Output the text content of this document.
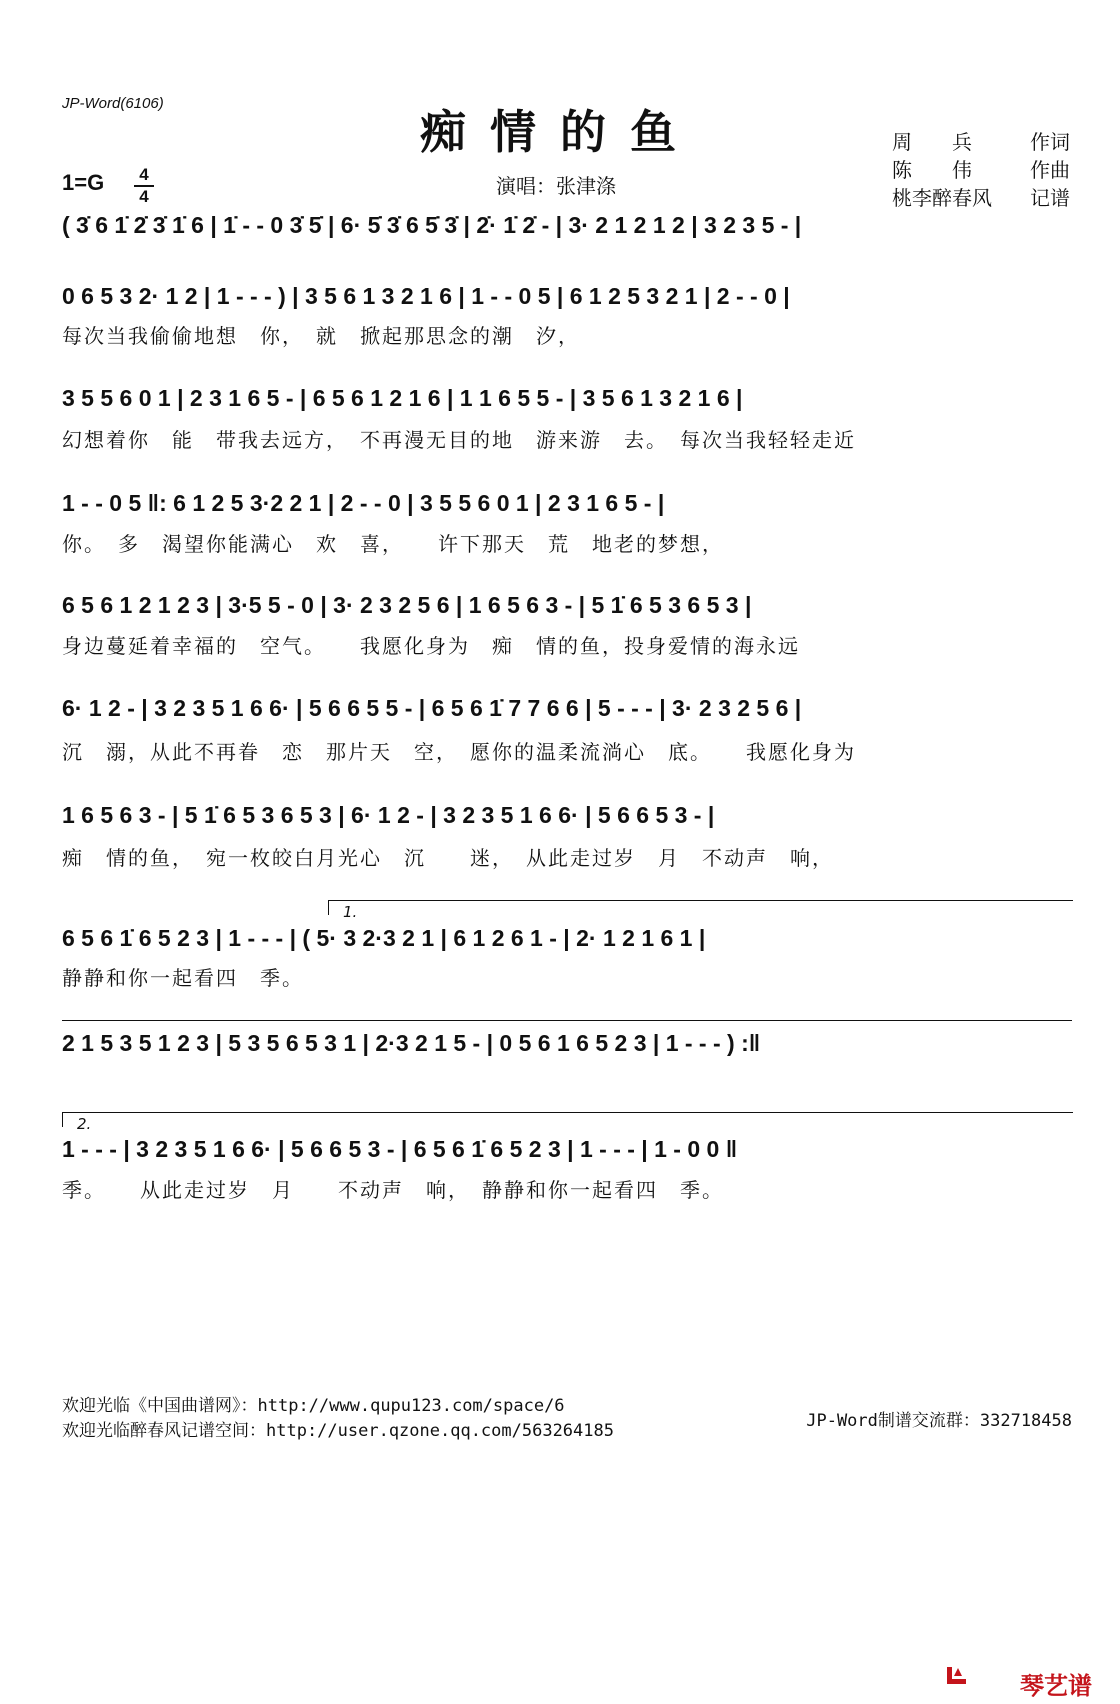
JP-Word(6106)
痴情的鱼
1=G	4
4	演唱：张津涤
周　　兵	作词
陈　　伟	作曲
桃李醉春风 记谱
( 3̇ 6 1̇ 2̇ 3̇ 1̇ 6 | 1̇ - - 0 3̇ 5̇ | 6· 5̇ 3̇ 6 5̇ 3̇ | 2̇· 1̇ 2̇ - | 3· 2 1 2 1 2 | 3 2 3 5 - |
0 6 5 3 2· 1 2 | 1 - - - ) | 3 5 6 1 3 2 1 6 | 1 - - 0 5 | 6 1 2 5 3 2 1 | 2 - - 0 |
每次当我偷偷地想　你，　就　掀起那思念的潮　汐，
3 5 5 6 0 1 | 2 3 1 6 5 - | 6 5 6 1 2 1 6 | 1 1 6 5 5 - | 3 5 6 1 3 2 1 6 |
幻想着你　能　带我去远方，　不再漫无目的地　游来游　去。　每次当我轻轻走近
1 - - 0 5 ‖: 6 1 2 5 3·2 2 1 | 2 - - 0 | 3 5 5 6 0 1 | 2 3 1 6 5 - |
你。　多　渴望你能满心　欢　喜，　　许下那天　荒　地老的梦想，
6 5 6 1 2 1 2 3 | 3·5 5 - 0 | 3· 2 3 2 5 6 | 1 6 5 6 3 - | 5 1̇ 6 5 3 6 5 3 |
身边蔓延着幸福的　空气。　　我愿化身为　痴　情的鱼，投身爱情的海永远
6· 1 2 - | 3 2 3 5 1 6 6· | 5 6 6 5 5 - | 6 5 6 1̇ 7 7 6 6 | 5 - - - | 3· 2 3 2 5 6 |
沉　溺，从此不再眷　恋　那片天　空，　愿你的温柔流淌心　底。　　我愿化身为
1 6 5 6 3 - | 5 1̇ 6 5 3 6 5 3 | 6· 1 2 - | 3 2 3 5 1 6 6· | 5 6 6 5 3 - |
痴　情的鱼，　宛一枚皎白月光心　沉　　迷，　从此走过岁　月　不动声　响，
1.
6 5 6 1̇ 6 5 2 3 | 1 - - - | ( 5· 3 2·3 2 1 | 6 1 2 6 1 - | 2· 1 2 1 6 1 |
静静和你一起看四　季。
2 1 5 3 5 1 2 3 | 5 3 5 6 5 3 1 | 2·3 2 1 5 - | 0 5 6 1 6 5 2 3 | 1 - - - ) :‖
2.
1 - - - | 3 2 3 5 1 6 6· | 5 6 6 5 3 - | 6 5 6 1̇ 6 5 2 3 | 1 - - - | 1 - 0 0 ‖
季。　　从此走过岁　月　　不动声　响，　静静和你一起看四　季。
欢迎光临《中国曲谱网》：http://www.qupu123.com/space/6
欢迎光临醉春风记谱空间：http://user.qzone.qq.com/563264185	JP-Word制谱交流群：332718458
琴艺谱
